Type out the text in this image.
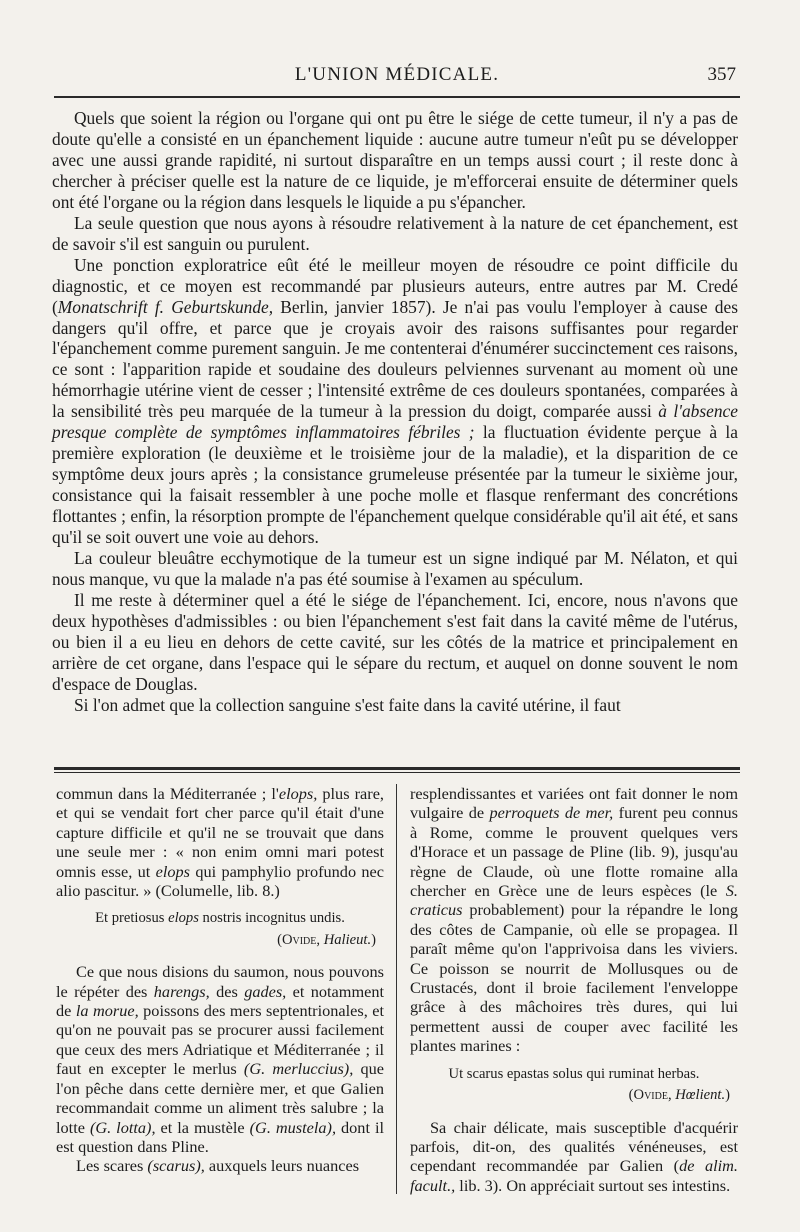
L'UNION MÉDICALE.	357

Quels que soient la région ou l'organe qui ont pu être le siége de cette tumeur, il n'y a pas de doute qu'elle a consisté en un épanchement liquide : aucune autre tumeur n'eût pu se développer avec une aussi grande rapidité, ni surtout disparaître en un temps aussi court ; il reste donc à chercher à préciser quelle est la nature de ce liquide, je m'efforcerai ensuite de déterminer quels ont été l'organe ou la région dans lesquels le liquide a pu s'épancher.

La seule question que nous ayons à résoudre relativement à la nature de cet épanchement, est de savoir s'il est sanguin ou purulent.

Une ponction exploratrice eût été le meilleur moyen de résoudre ce point difficile du diagnostic, et ce moyen est recommandé par plusieurs auteurs, entre autres par M. Credé (Monatschrift f. Geburtskunde, Berlin, janvier 1857). Je n'ai pas voulu l'employer à cause des dangers qu'il offre, et parce que je croyais avoir des raisons suffisantes pour regarder l'épanchement comme purement sanguin. Je me contenterai d'énumérer succinctement ces raisons, ce sont : l'apparition rapide et soudaine des douleurs pelviennes survenant au moment où une hémorrhagie utérine vient de cesser ; l'intensité extrême de ces douleurs spontanées, comparées à la sensibilité très peu marquée de la tumeur à la pression du doigt, comparée aussi à l'absence presque complète de symptômes inflammatoires fébriles ; la fluctuation évidente perçue à la première exploration (le deuxième et le troisième jour de la maladie), et la disparition de ce symptôme deux jours après ; la consistance grumeleuse présentée par la tumeur le sixième jour, consistance qui la faisait ressembler à une poche molle et flasque renfermant des concrétions flottantes ; enfin, la résorption prompte de l'épanchement quelque considérable qu'il ait été, et sans qu'il se soit ouvert une voie au dehors.

La couleur bleuâtre ecchymotique de la tumeur est un signe indiqué par M. Nélaton, et qui nous manque, vu que la malade n'a pas été soumise à l'examen au spéculum.

Il me reste à déterminer quel a été le siége de l'épanchement. Ici, encore, nous n'avons que deux hypothèses d'admissibles : ou bien l'épanchement s'est fait dans la cavité même de l'utérus, ou bien il a eu lieu en dehors de cette cavité, sur les côtés de la matrice et principalement en arrière de cet organe, dans l'espace qui le sépare du rectum, et auquel on donne souvent le nom d'espace de Douglas.

Si l'on admet que la collection sanguine s'est faite dans la cavité utérine, il faut

commun dans la Méditerranée ; l'elops, plus rare, et qui se vendait fort cher parce qu'il était d'une capture difficile et qu'il ne se trouvait que dans une seule mer : « non enim omni mari potest omnis esse, ut elops qui pamphylio profundo nec alio pascitur. » (Columelle, lib. 8.)

Et pretiosus elops nostris incognitus undis.
(Ovide, Halieut.)

Ce que nous disions du saumon, nous pouvons le répéter des harengs, des gades, et notamment de la morue, poissons des mers septentrionales, et qu'on ne pouvait pas se procurer aussi facilement que ceux des mers Adriatique et Méditerranée ; il faut en excepter le merlus (G. merluccius), que l'on pêche dans cette dernière mer, et que Galien recommandait comme un aliment très salubre ; la lotte (G. lotta), et la mustèle (G. mustela), dont il est question dans Pline.

Les scares (scarus), auxquels leurs nuances

resplendissantes et variées ont fait donner le nom vulgaire de perroquets de mer, furent peu connus à Rome, comme le prouvent quelques vers d'Horace et un passage de Pline (lib. 9), jusqu'au règne de Claude, où une flotte romaine alla chercher en Grèce une de leurs espèces (le S. craticus probablement) pour la répandre le long des côtes de Campanie, où elle se propagea. Il paraît même qu'on l'apprivoisa dans les viviers. Ce poisson se nourrit de Mollusques ou de Crustacés, dont il broie facilement l'enveloppe grâce à des mâchoires très dures, qui lui permettent aussi de couper avec facilité les plantes marines :

Ut scarus epastas solus qui ruminat herbas.
(Ovide, Hœlient.)

Sa chair délicate, mais susceptible d'acquérir parfois, dit-on, des qualités vénéneuses, est cependant recommandée par Galien (de alim. facult., lib. 3). On appréciait surtout ses intestins.
